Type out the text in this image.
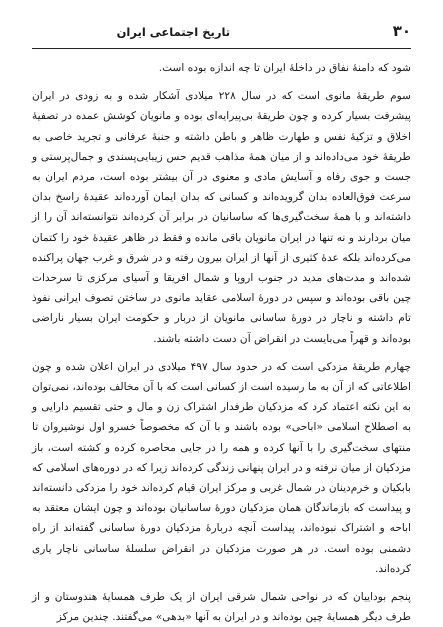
۳۰
تاریخ اجتماعی ایران

شود که دامنهٔ نفاق در داخلهٔ ایران تا چه اندازه بوده است.

سوم طریقهٔ مانوی است که در سال ۲۲۸ میلادی آشکار شده و به زودی در ایران پیشرفت بسیار کرده و چون طریقهٔ بی‌پیرایه‌ای بوده و مانویان کوشش عمده در تصفیهٔ اخلاق و تزکیهٔ نفس و طهارت ظاهر و باطن داشته و جنبهٔ عرفانی و تجرید خاصی به طریقهٔ خود می‌داده‌اند و از میان همهٔ مذاهب قدیم حس زیبایی‌پسندی و جمال‌پرستی و جست و جوی رفاه و آسایش مادی و معنوی در آن بیشتر بوده است، مردم ایران به سرعت فوق‌العاده بدان گرویده‌اند و کسانی که بدان ایمان آورده‌اند عقیدهٔ راسخ بدان داشته‌اند و با همهٔ سخت‌گیری‌ها که ساسانیان در برابر آن کرده‌اند نتوانسته‌اند آن را از میان بردارند و نه تنها در ایران مانویان باقی مانده و فقط در ظاهر عقیدهٔ خود را کتمان می‌کرده‌اند بلکه عدهٔ کثیری از آنها از ایران بیرون رفته و در شرق و غرب جهان پراکنده شده‌اند و مدت‌های مدید در جنوب اروپا و شمال افریقا و آسیای مرکزی تا سرحدات چین باقی بوده‌اند و سپس در دورهٔ اسلامی عقاید مانوی در ساختن تصوف ایرانی نفوذ تام داشته و ناچار در دورهٔ ساسانی مانویان از دربار و حکومت ایران بسیار ناراضی بوده‌اند و قهراً می‌بایست در انقراض آن دست داشته باشند.

چهارم طریقهٔ مزدکی است که در حدود سال ۴۹۷ میلادی در ایران اعلان شده و چون اطلاعاتی که از آن به ما رسیده است از کسانی است که با آن مخالف بوده‌اند، نمی‌توان به این نکته اعتماد کرد که مزدکیان طرفدار اشتراک زن و مال و حتی تقسیم دارایی و به اصطلاح اسلامی «اباحی» بوده باشند و با آن که مخصوصاً خسرو اول نوشیروان تا منتهای سخت‌گیری را با آنها کرده و همه را در جایی محاصره کرده و کشته است، باز مزدکیان از میان نرفته و در ایران پنهانی زندگی کرده‌اند زیرا که در دوره‌های اسلامی که بابکیان و خرم‌دینان در شمال غربی و مرکز ایران قیام کرده‌اند خود را مزدکی دانسته‌اند و پیداست که بازماندگان همان مزدکیان دورهٔ ساسانیان بوده‌اند و چون ایشان معتقد به اباحه و اشتراک نبوده‌اند، پیداست آنچه دربارهٔ مزدکیان دورهٔ ساسانی گفته‌اند از راه دشمنی بوده است. در هر صورت مزدکیان در انقراض سلسلهٔ ساسانی ناچار یاری کرده‌اند.

پنجم بوداییان که در نواحی شمال شرقی ایران از یک طرف همسایهٔ هندوستان و از طرف دیگر همسایهٔ چین بوده‌اند و در ایران به آنها «بدهی» می‌گفتند. چندین مرکز
